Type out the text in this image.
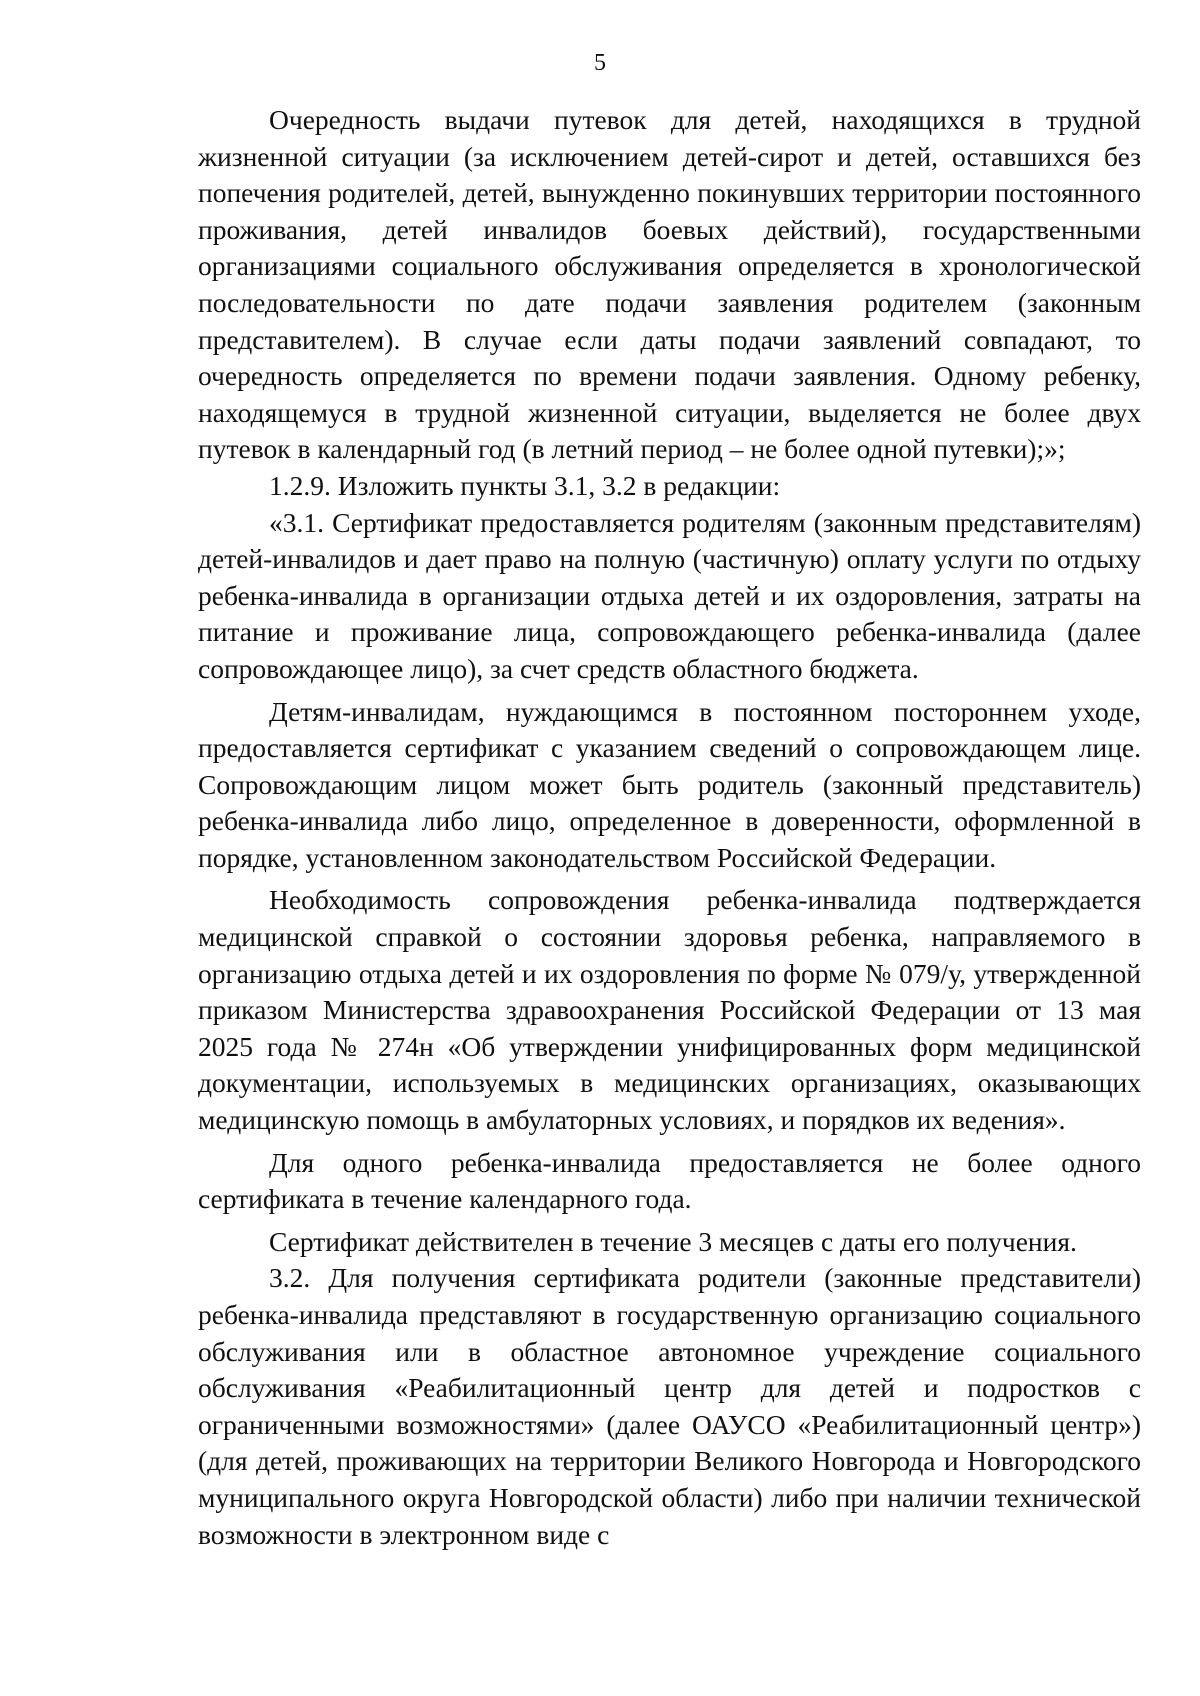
5

Очередность выдачи путевок для детей, находящихся в трудной жизненной ситуации (за исключением детей-сирот и детей, оставшихся без попечения родителей, детей, вынужденно покинувших территории постоянного проживания, детей инвалидов боевых действий), государственными организациями социального обслуживания определяется в хронологической последовательности по дате подачи заявления родителем (законным представителем). В случае если даты подачи заявлений совпадают, то очередность определяется по времени подачи заявления. Одному ребенку, находящемуся в трудной жизненной ситуации, выделяется не более двух путевок в календарный год (в летний период – не более одной путевки);»;

1.2.9. Изложить пункты 3.1, 3.2 в редакции:

«3.1. Сертификат предоставляется родителям (законным представителям) детей-инвалидов и дает право на полную (частичную) оплату услуги по отдыху ребенка-инвалида в организации отдыха детей и их оздоровления, затраты на питание и проживание лица, сопровождающего ребенка-инвалида (далее сопровождающее лицо), за счет средств областного бюджета.

Детям-инвалидам, нуждающимся в постоянном постороннем уходе, предоставляется сертификат с указанием сведений о сопровождающем лице. Сопровождающим лицом может быть родитель (законный представитель) ребенка-инвалида либо лицо, определенное в доверенности, оформленной в порядке, установленном законодательством Российской Федерации.

Необходимость сопровождения ребенка-инвалида подтверждается медицинской справкой о состоянии здоровья ребенка, направляемого в организацию отдыха детей и их оздоровления по форме № 079/у, утвержденной приказом Министерства здравоохранения Российской Федерации от 13 мая 2025 года № 274н «Об утверждении унифицированных форм медицинской документации, используемых в медицинских организациях, оказывающих медицинскую помощь в амбулаторных условиях, и порядков их ведения».

Для одного ребенка-инвалида предоставляется не более одного сертификата в течение календарного года.

Сертификат действителен в течение 3 месяцев с даты его получения.

3.2. Для получения сертификата родители (законные представители) ребенка-инвалида представляют в государственную организацию социального обслуживания или в областное автономное учреждение социального обслуживания «Реабилитационный центр для детей и подростков с ограниченными возможностями» (далее ОАУСО «Реабилитационный центр») (для детей, проживающих на территории Великого Новгорода и Новгородского муниципального округа Новгородской области) либо при наличии технической возможности в электронном виде с
